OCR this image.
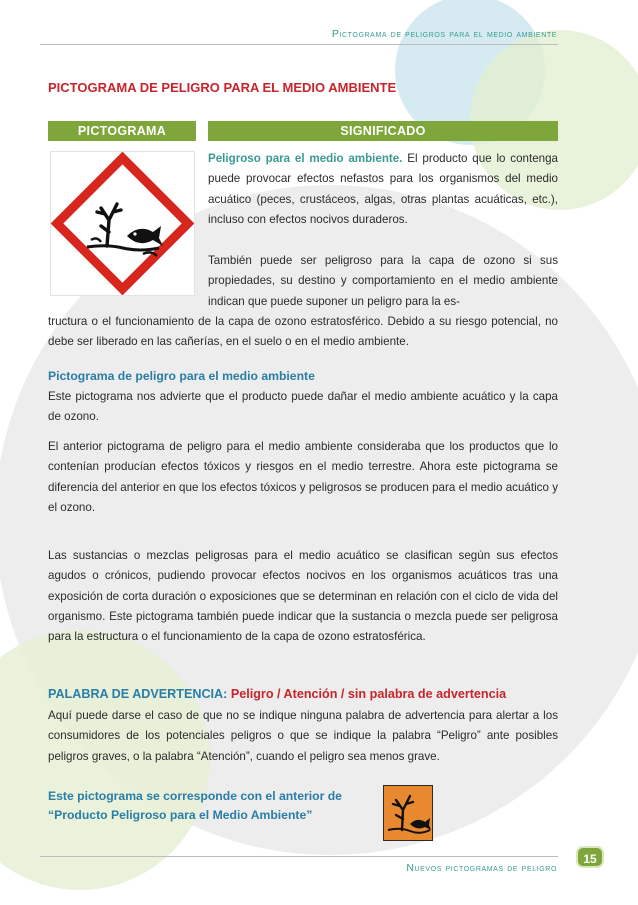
Pictograma de peligros para el medio ambiente
PICTOGRAMA DE PELIGRO PARA EL MEDIO AMBIENTE
PICTOGRAMA	SIGNIFICADO

Peligroso para el medio ambiente. El producto que lo contenga puede provocar efectos nefastos para los organismos del medio acuático (peces, crustáceos, algas, otras plantas acuáticas, etc.), incluso con efectos nocivos duraderos.

También puede ser peligroso para la capa de ozono si sus propiedades, su destino y comportamiento en el medio ambiente indican que puede suponer un peligro para la es-

tructura o el funcionamiento de la capa de ozono estratosférico. Debido a su riesgo potencial, no debe ser liberado en las cañerías, en el suelo o en el medio ambiente.

Pictograma de peligro para el medio ambiente

Este pictograma nos advierte que el producto puede dañar el medio ambiente acuático y la capa de ozono.

El anterior pictograma de peligro para el medio ambiente consideraba que los productos que lo contenían producían efectos tóxicos y riesgos en el medio terrestre. Ahora este pictograma se diferencia del anterior en que los efectos tóxicos y peligrosos se producen para el medio acuático y el ozono.

Las sustancias o mezclas peligrosas para el medio acuático se clasifican según sus efectos agudos o crónicos, pudiendo provocar efectos nocivos en los organismos acuáticos tras una exposición de corta duración o exposiciones que se determinan en relación con el ciclo de vida del organismo. Este pictograma también puede indicar que la sustancia o mezcla puede ser peligrosa para la estructura o el funcionamiento de la capa de ozono estratosférica.

PALABRA DE ADVERTENCIA: Peligro / Atención / sin palabra de advertencia

Aquí puede darse el caso de que no se indique ninguna palabra de advertencia para alertar a los consumidores de los potenciales peligros o que se indique la palabra “Peligro” ante posibles peligros graves, o la palabra “Atención”, cuando el peligro sea menos grave.

Este pictograma se corresponde con el anterior de
“Producto Peligroso para el Medio Ambiente”
Nuevos pictogramas de peligro
15
